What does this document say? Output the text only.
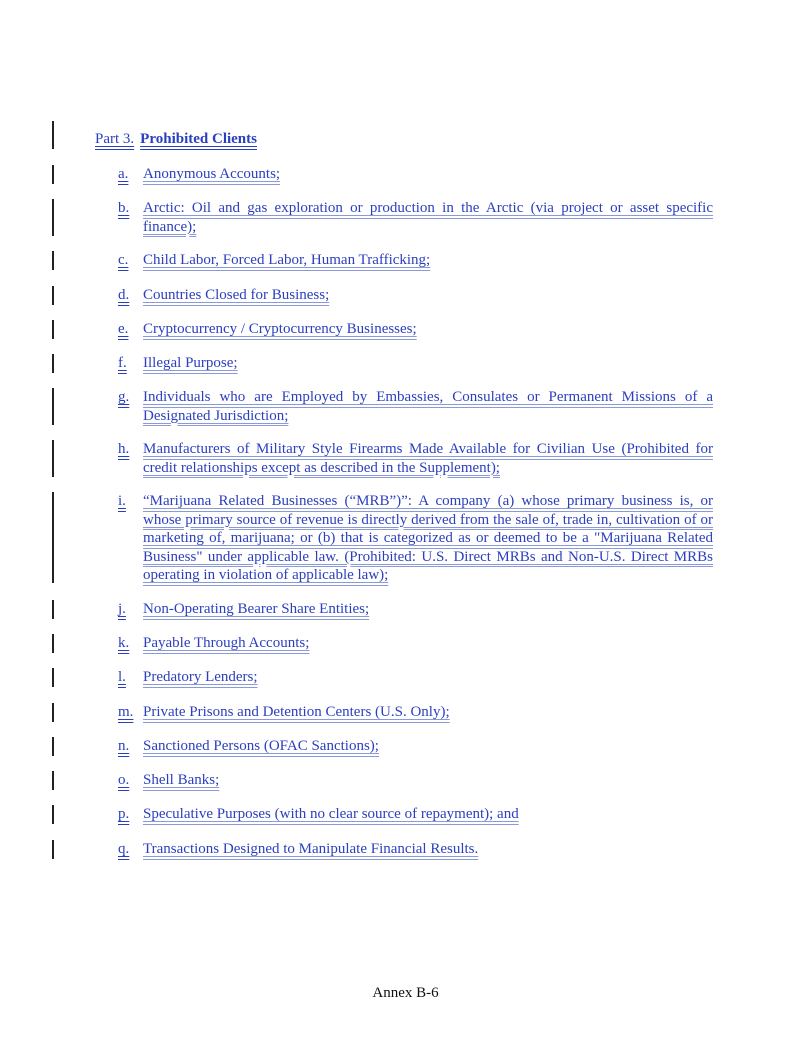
Part 3. Prohibited Clients
a. Anonymous Accounts;
b. Arctic: Oil and gas exploration or production in the Arctic (via project or asset specific finance);
c. Child Labor, Forced Labor, Human Trafficking;
d. Countries Closed for Business;
e. Cryptocurrency / Cryptocurrency Businesses;
f.	Illegal Purpose;
g. Individuals who are Employed by Embassies, Consulates or Permanent Missions of a Designated Jurisdiction;
h. Manufacturers of Military Style Firearms Made Available for Civilian Use (Prohibited for credit relationships except as described in the Supplement);
i.	“Marijuana Related Businesses (“MRB”)”: A company (a) whose primary business is, or whose primary source of revenue is directly derived from the sale of, trade in, cultivation of or marketing of, marijuana; or (b) that is categorized as or deemed to be a "Marijuana Related Business" under applicable law. (Prohibited: U.S. Direct MRBs and Non-U.S. Direct MRBs operating in violation of applicable law);
j.	Non-Operating Bearer Share Entities;
k. Payable Through Accounts;
l.	Predatory Lenders;
m. Private Prisons and Detention Centers (U.S. Only);
n. Sanctioned Persons (OFAC Sanctions);
o. Shell Banks;
p. Speculative Purposes (with no clear source of repayment); and
q. Transactions Designed to Manipulate Financial Results.
Annex B-6
